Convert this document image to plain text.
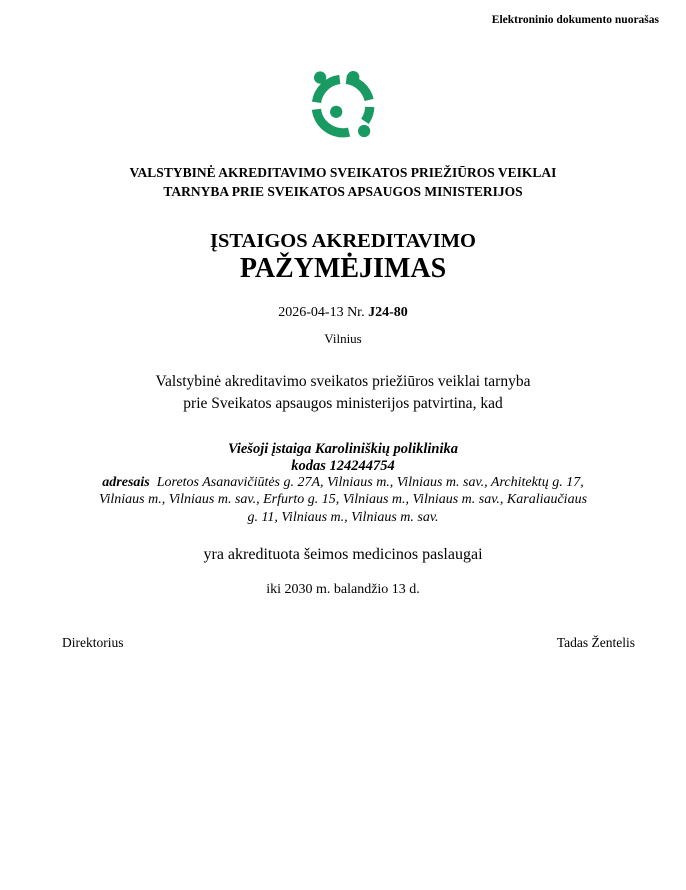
Elektroninio dokumento nuorašas
VALSTYBINĖ AKREDITAVIMO SVEIKATOS PRIEŽIŪROS VEIKLAI
TARNYBA PRIE SVEIKATOS APSAUGOS MINISTERIJOS
ĮSTAIGOS AKREDITAVIMO
PAŽYMĖJIMAS
2026-04-13 Nr. J24-80
Vilnius
Valstybinė akreditavimo sveikatos priežiūros veiklai tarnyba
prie Sveikatos apsaugos ministerijos patvirtina, kad
Viešoji įstaiga Karoliniškių poliklinika
kodas 124244754
adresais Loretos Asanavičiūtės g. 27A, Vilniaus m., Vilniaus m. sav., Architektų g. 17,
Vilniaus m., Vilniaus m. sav., Erfurto g. 15, Vilniaus m., Vilniaus m. sav., Karaliaučiaus
g. 11, Vilniaus m., Vilniaus m. sav.
yra akredituota šeimos medicinos paslaugai
iki 2030 m. balandžio 13 d.
Direktorius	Tadas Žentelis
